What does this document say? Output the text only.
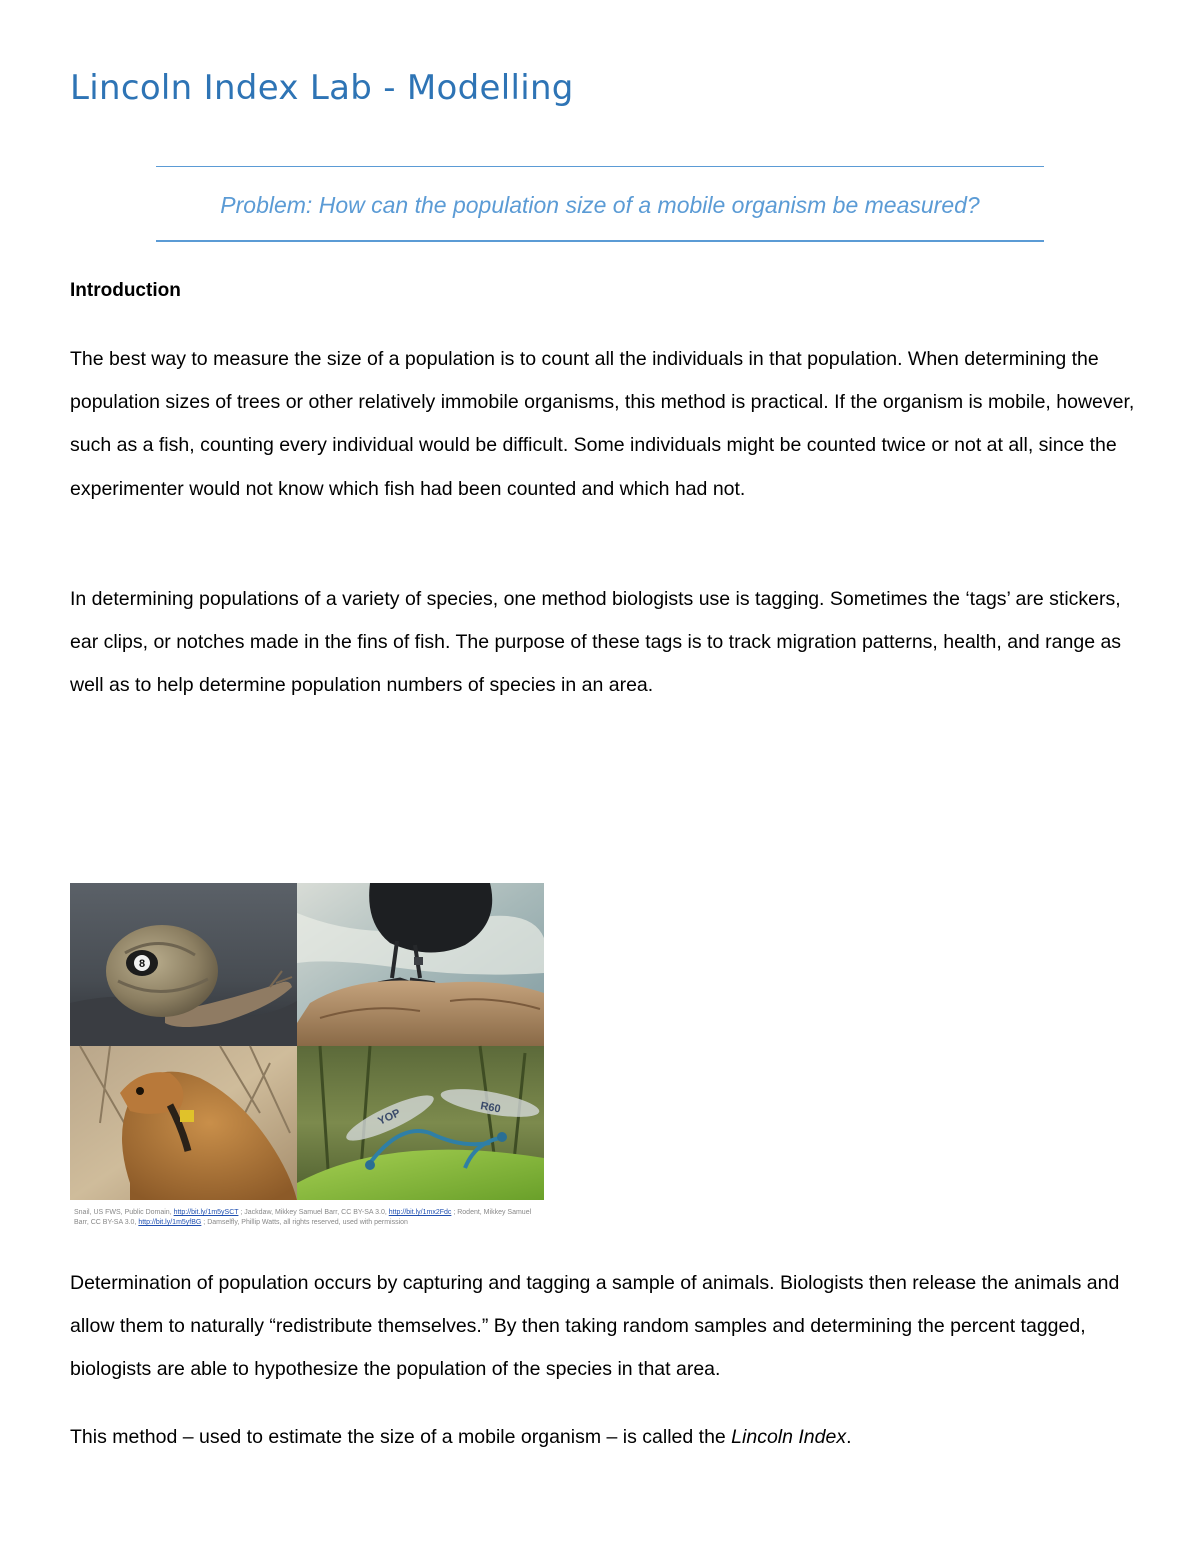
Lincoln Index Lab - Modelling

Problem: How can the population size of a mobile organism be measured?

Introduction

The best way to measure the size of a population is to count all the individuals in that population. When determining the population sizes of trees or other relatively immobile organisms, this method is practical. If the organism is mobile, however, such as a fish, counting every individual would be difficult. Some individuals might be counted twice or not at all, since the experimenter would not know which fish had been counted and which had not.

In determining populations of a variety of species, one method biologists use is tagging. Sometimes the ‘tags’ are stickers, ear clips, or notches made in the fins of fish. The purpose of these tags is to track migration patterns, health, and range as well as to help determine population numbers of species in an area.

8
YOP	R60

Snail, US FWS, Public Domain, http://bit.ly/1m5ySCT ; Jackdaw, Mikkey Samuel Barr, CC BY-SA 3.0, http://bit.ly/1mx2Fdc ; Rodent, Mikkey Samuel Barr, CC BY-SA 3.0, http://bit.ly/1m5yfBG ; Damselfly, Phillip Watts, all rights reserved, used with permission

Determination of population occurs by capturing and tagging a sample of animals. Biologists then release the animals and allow them to naturally “redistribute themselves.” By then taking random samples and determining the percent tagged, biologists are able to hypothesize the population of the species in that area.

This method – used to estimate the size of a mobile organism – is called the Lincoln Index.
